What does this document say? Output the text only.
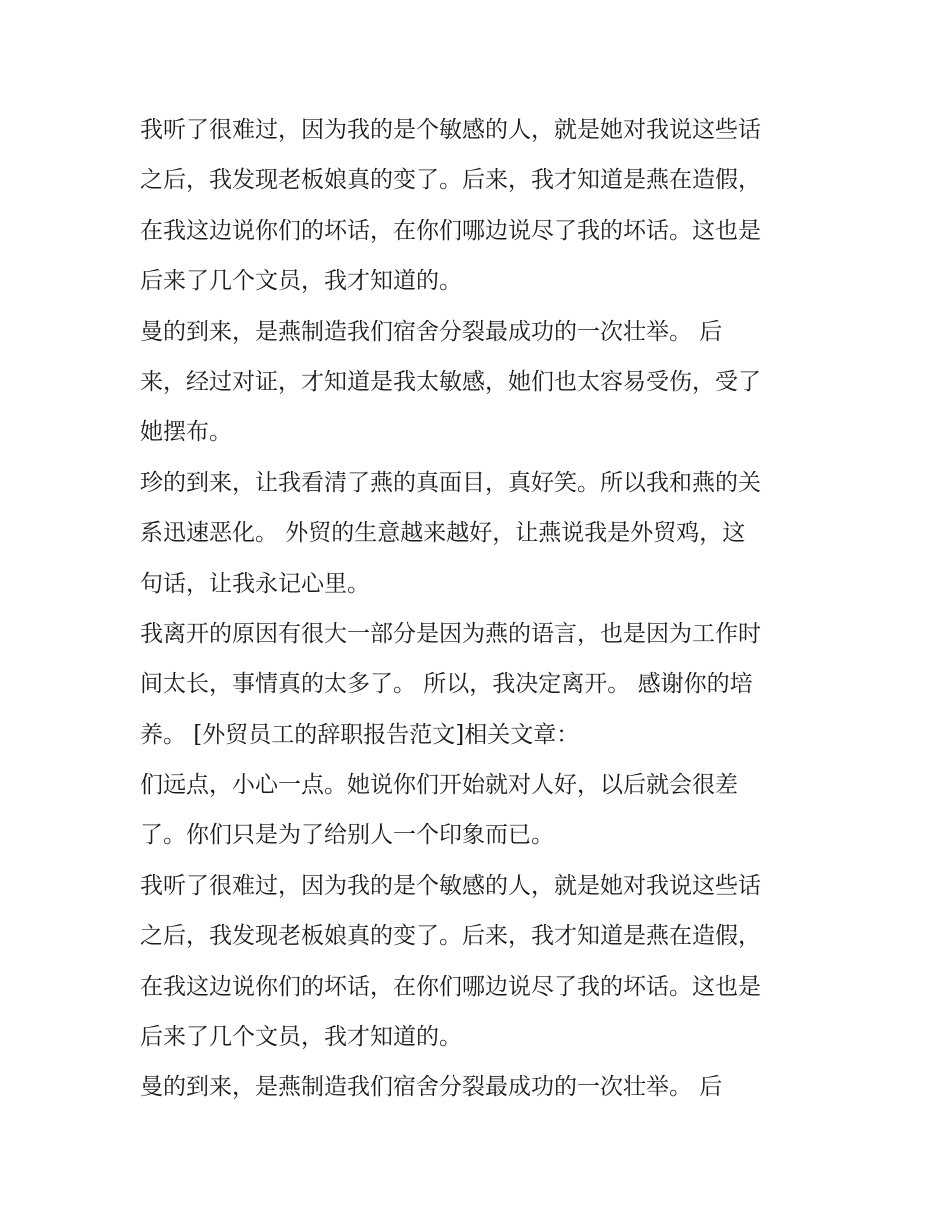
我听了很难过，因为我的是个敏感的人，就是她对我说这些话
之后，我发现老板娘真的变了。后来，我才知道是燕在造假，
在我这边说你们的坏话，在你们哪边说尽了我的坏话。这也是
后来了几个文员，我才知道的。
曼的到来，是燕制造我们宿舍分裂最成功的一次壮举。 后
来，经过对证，才知道是我太敏感，她们也太容易受伤，受了
她摆布。
珍的到来，让我看清了燕的真面目，真好笑。所以我和燕的关
系迅速恶化。 外贸的生意越来越好，让燕说我是外贸鸡，这
句话，让我永记心里。
我离开的原因有很大一部分是因为燕的语言，也是因为工作时
间太长，事情真的太多了。 所以，我决定离开。 感谢你的培
养。 [外贸员工的辞职报告范文]相关文章：
们远点，小心一点。她说你们开始就对人好，以后就会很差
了。你们只是为了给别人一个印象而已。
我听了很难过，因为我的是个敏感的人，就是她对我说这些话
之后，我发现老板娘真的变了。后来，我才知道是燕在造假，
在我这边说你们的坏话，在你们哪边说尽了我的坏话。这也是
后来了几个文员，我才知道的。
曼的到来，是燕制造我们宿舍分裂最成功的一次壮举。 后
